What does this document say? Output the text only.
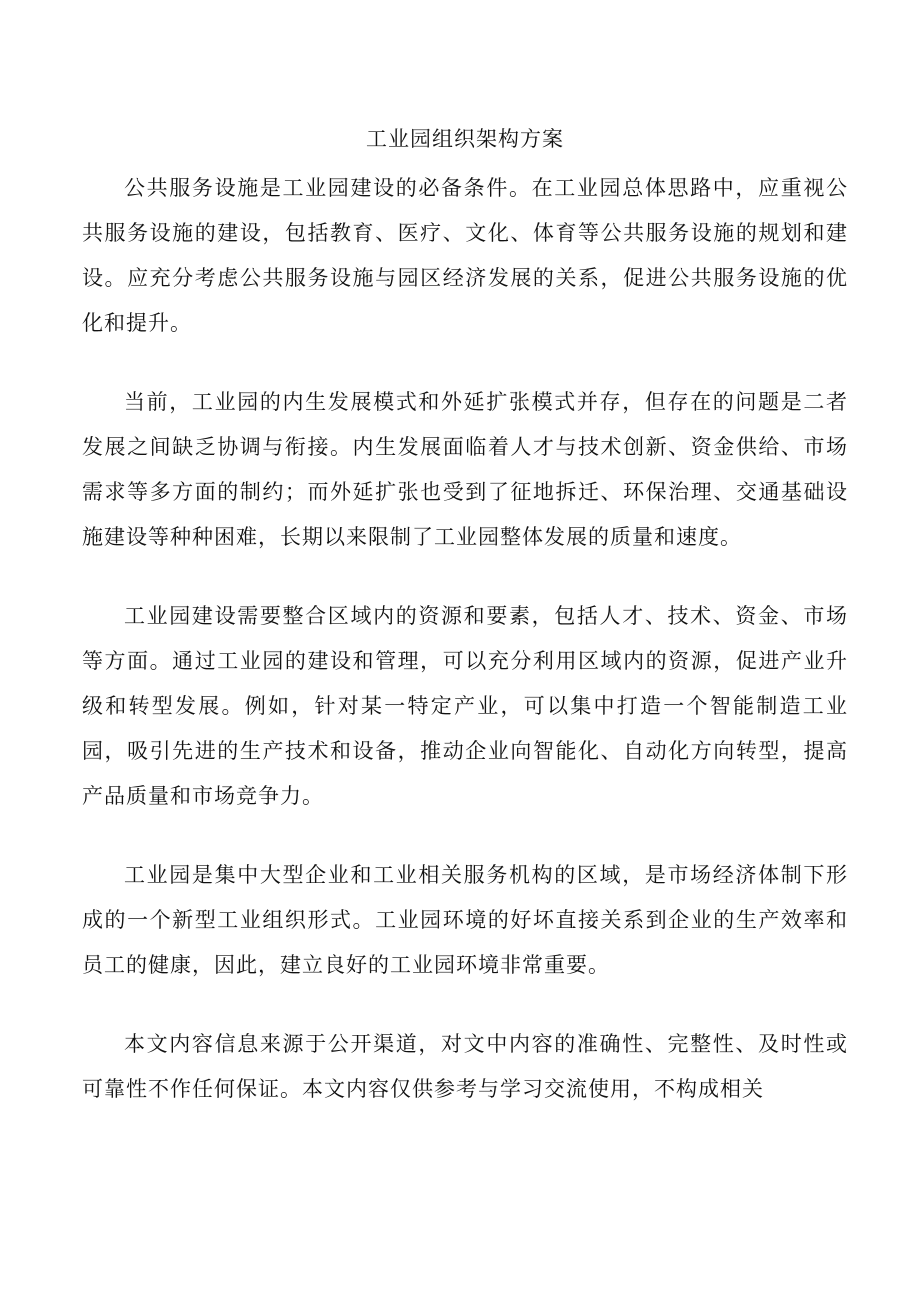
工业园组织架构方案

公共服务设施是工业园建设的必备条件。在工业园总体思路中，应重视公共服务设施的建设，包括教育、医疗、文化、体育等公共服务设施的规划和建设。应充分考虑公共服务设施与园区经济发展的关系，促进公共服务设施的优化和提升。

当前，工业园的内生发展模式和外延扩张模式并存，但存在的问题是二者发展之间缺乏协调与衔接。内生发展面临着人才与技术创新、资金供给、市场需求等多方面的制约；而外延扩张也受到了征地拆迁、环保治理、交通基础设施建设等种种困难，长期以来限制了工业园整体发展的质量和速度。

工业园建设需要整合区域内的资源和要素，包括人才、技术、资金、市场等方面。通过工业园的建设和管理，可以充分利用区域内的资源，促进产业升级和转型发展。例如，针对某一特定产业，可以集中打造一个智能制造工业园，吸引先进的生产技术和设备，推动企业向智能化、自动化方向转型，提高产品质量和市场竞争力。

工业园是集中大型企业和工业相关服务机构的区域，是市场经济体制下形成的一个新型工业组织形式。工业园环境的好坏直接关系到企业的生产效率和员工的健康，因此，建立良好的工业园环境非常重要。

本文内容信息来源于公开渠道，对文中内容的准确性、完整性、及时性或可靠性不作任何保证。本文内容仅供参考与学习交流使用，不构成相关
